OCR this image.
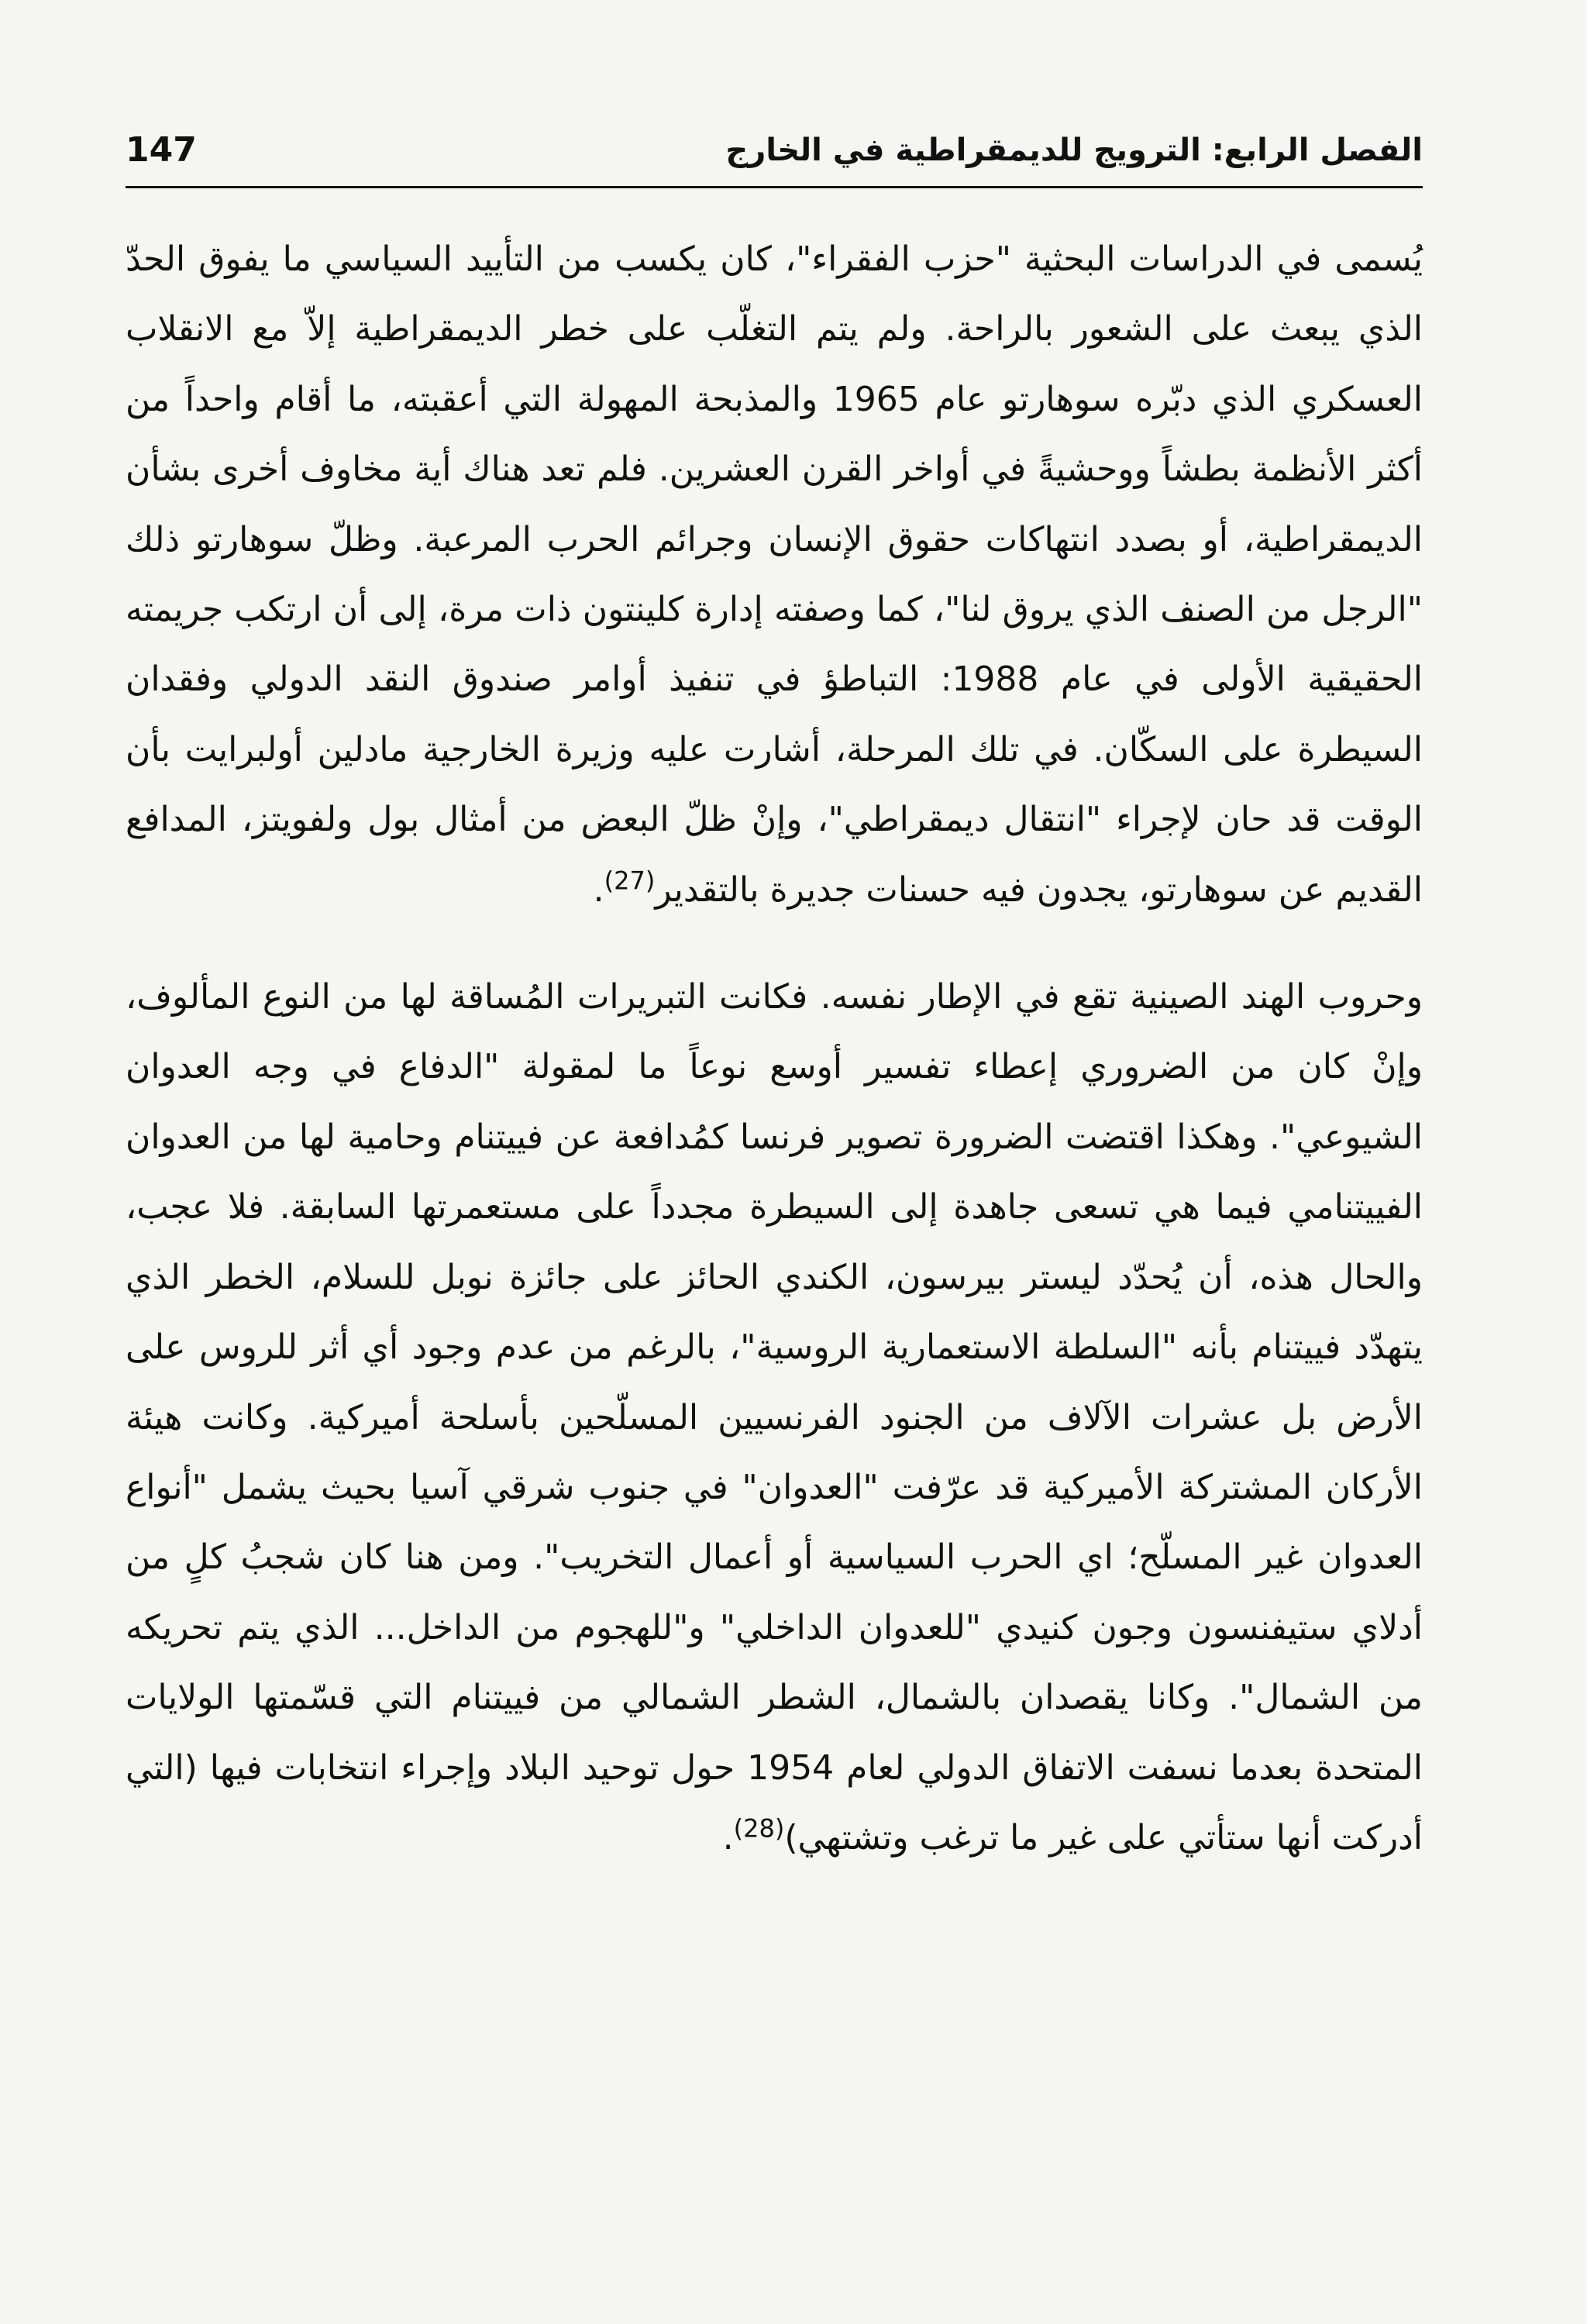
147	الفصل الرابع: الترويج للديمقراطية في الخارج

يُسمى في الدراسات البحثية "حزب الفقراء"، كان يكسب من التأييد السياسي ما يفوق الحدّ الذي يبعث على الشعور بالراحة. ولم يتم التغلّب على خطر الديمقراطية إلاّ مع الانقلاب العسكري الذي دبّره سوهارتو عام 1965 والمذبحة المهولة التي أعقبته، ما أقام واحداً من أكثر الأنظمة بطشاً ووحشيةً في أواخر القرن العشرين. فلم تعد هناك أية مخاوف أخرى بشأن الديمقراطية، أو بصدد انتهاكات حقوق الإنسان وجرائم الحرب المرعبة. وظلّ سوهارتو ذلك "الرجل من الصنف الذي يروق لنا"، كما وصفته إدارة كلينتون ذات مرة، إلى أن ارتكب جريمته الحقيقية الأولى في عام 1988: التباطؤ في تنفيذ أوامر صندوق النقد الدولي وفقدان السيطرة على السكّان. في تلك المرحلة، أشارت عليه وزيرة الخارجية مادلين أولبرايت بأن الوقت قد حان لإجراء "انتقال ديمقراطي"، وإنْ ظلّ البعض من أمثال بول ولفويتز، المدافع القديم عن سوهارتو، يجدون فيه حسنات جديرة بالتقدير$^{(27)}$.

وحروب الهند الصينية تقع في الإطار نفسه. فكانت التبريرات المُساقة لها من النوع المألوف، وإنْ كان من الضروري إعطاء تفسير أوسع نوعاً ما لمقولة "الدفاع في وجه العدوان الشيوعي". وهكذا اقتضت الضرورة تصوير فرنسا كمُدافعة عن فييتنام وحامية لها من العدوان الفييتنامي فيما هي تسعى جاهدة إلى السيطرة مجدداً على مستعمرتها السابقة. فلا عجب، والحال هذه، أن يُحدّد ليستر بيرسون، الكندي الحائز على جائزة نوبل للسلام، الخطر الذي يتهدّد فييتنام بأنه "السلطة الاستعمارية الروسية"، بالرغم من عدم وجود أي أثر للروس على الأرض بل عشرات الآلاف من الجنود الفرنسيين المسلّحين بأسلحة أميركية. وكانت هيئة الأركان المشتركة الأميركية قد عرّفت "العدوان" في جنوب شرقي آسيا بحيث يشمل "أنواع العدوان غير المسلّح؛ اي الحرب السياسية أو أعمال التخريب". ومن هنا كان شجبُ كلٍ من أدلاي ستيفنسون وجون كنيدي "للعدوان الداخلي" و"للهجوم من الداخل... الذي يتم تحريكه من الشمال". وكانا يقصدان بالشمال، الشطر الشمالي من فييتنام التي قسّمتها الولايات المتحدة بعدما نسفت الاتفاق الدولي لعام 1954 حول توحيد البلاد وإجراء انتخابات فيها (التي أدركت أنها ستأتي على غير ما ترغب وتشتهي)$^{(28)}$.
